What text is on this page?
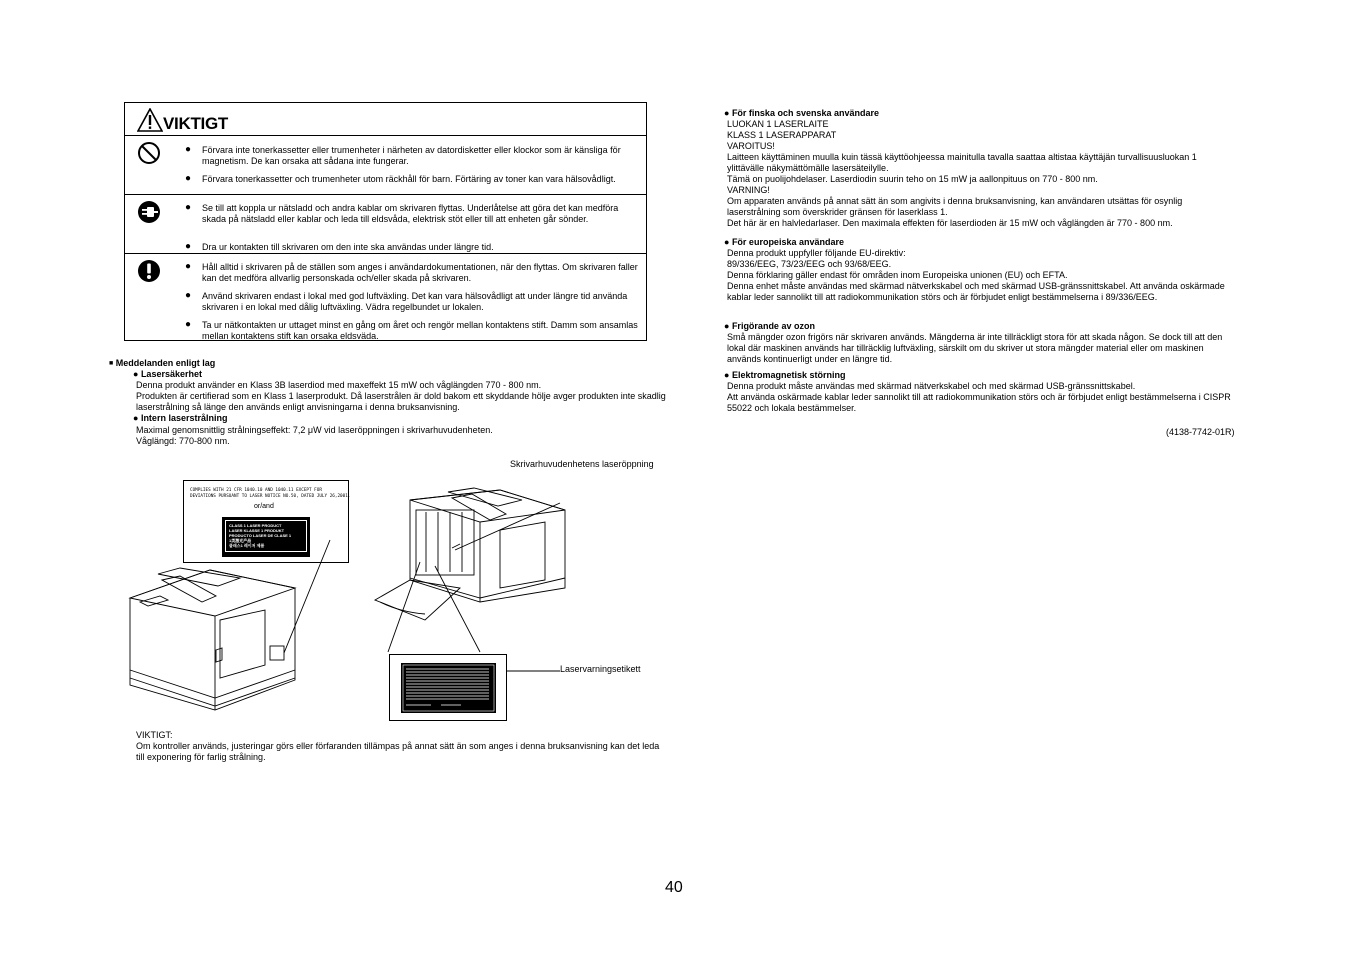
VIKTIGT
● Förvara inte tonerkassetter eller trumenheter i närheten av datordisketter eller klockor som är känsliga för magnetism. De kan orsaka att sådana inte fungerar.
● Förvara tonerkassetter och trumenheter utom räckhåll för barn. Förtäring av toner kan vara hälsovådligt.
● Se till att koppla ur nätsladd och andra kablar om skrivaren flyttas. Underlåtelse att göra det kan medföra skada på nätsladd eller kablar och leda till eldsvåda, elektrisk stöt eller till att enheten går sönder.
● Dra ur kontakten till skrivaren om den inte ska användas under längre tid.
● Håll alltid i skrivaren på de ställen som anges i användardokumentationen, när den flyttas. Om skrivaren faller kan det medföra allvarlig personskada och/eller skada på skrivaren.
● Använd skrivaren endast i lokal med god luftväxling. Det kan vara hälsovådligt att under längre tid använda skrivaren i en lokal med dålig luftväxling. Vädra regelbundet ur lokalen.
● Ta ur nätkontakten ur uttaget minst en gång om året och rengör mellan kontaktens stift. Damm som ansamlas mellan kontaktens stift kan orsaka eldsväda.
■ Meddelanden enligt lag
● Lasersäkerhet
Denna produkt använder en Klass 3B laserdiod med maxeffekt 15 mW och våglängden 770 - 800 nm.
Produkten är certifierad som en Klass 1 laserprodukt. Då laserstrålen är dold bakom ett skyddande hölje avger produkten inte skadlig laserstrålning så länge den används enligt anvisningarna i denna bruksanvisning.
● Intern laserstrålning
Maximal genomsnittlig strålningseffekt: 7,2 μW vid laseröppningen i skrivarhuvudenheten.
Våglängd: 770-800 nm.
Skrivarhuvudenhetens laseröppning
COMPLIES WITH 21 CFR 1040.10 AND 1040.11 EXCEPT FOR
DEVIATIONS PURSUANT TO LASER NOTICE NO.50, DATED JULY 26,2001.
or/and
CLASS 1 LASER PRODUCT
LASER KLASSE 1 PRODUKT
PRODUCTO LASER DE CLASE 1
1类激光产品
클래스1 레이저 제품
Laservarningsetikett
VIKTIGT:
Om kontroller används, justeringar görs eller förfaranden tillämpas på annat sätt än som anges i denna bruksanvisning kan det leda till exponering för farlig strålning.
● För finska och svenska användare
LUOKAN 1 LASERLAITE
KLASS 1 LASERAPPARAT
VAROITUS!
Laitteen käyttäminen muulla kuin tässä käyttöohjeessa mainitulla tavalla saattaa altistaa käyttäjän turvallisuusluokan 1 ylittävälle näkymättömälle lasersäteilylle.
Tämä on puolijohdelaser. Laserdiodin suurin teho on 15 mW ja aallonpituus on 770 - 800 nm.
VARNING!
Om apparaten används på annat sätt än som angivits i denna bruksanvisning, kan användaren utsättas för osynlig laserstrålning som överskrider gränsen för laserklass 1.
Det här är en halvledarlaser. Den maximala effekten för laserdioden är 15 mW och våglängden är 770 - 800 nm.
● För europeiska användare
Denna produkt uppfyller följande EU-direktiv:
89/336/EEG, 73/23/EEG och 93/68/EEG.
Denna förklaring gäller endast för områden inom Europeiska unionen (EU) och EFTA.
Denna enhet måste användas med skärmad nätverkskabel och med skärmad USB-gränssnittskabel. Att använda oskärmade kablar leder sannolikt till att radiokommunikation störs och är förbjudet enligt bestämmelserna i 89/336/EEG.
● Frigörande av ozon
Små mängder ozon frigörs när skrivaren används. Mängderna är inte tillräckligt stora för att skada någon. Se dock till att den lokal där maskinen används har tillräcklig luftväxling, särskilt om du skriver ut stora mängder material eller om maskinen används kontinuerligt under en längre tid.
● Elektromagnetisk störning
Denna produkt måste användas med skärmad nätverkskabel och med skärmad USB-gränssnittskabel.
Att använda oskärmade kablar leder sannolikt till att radiokommunikation störs och är förbjudet enligt bestämmelserna i CISPR 55022 och lokala bestämmelser.
(4138-7742-01R)
40
